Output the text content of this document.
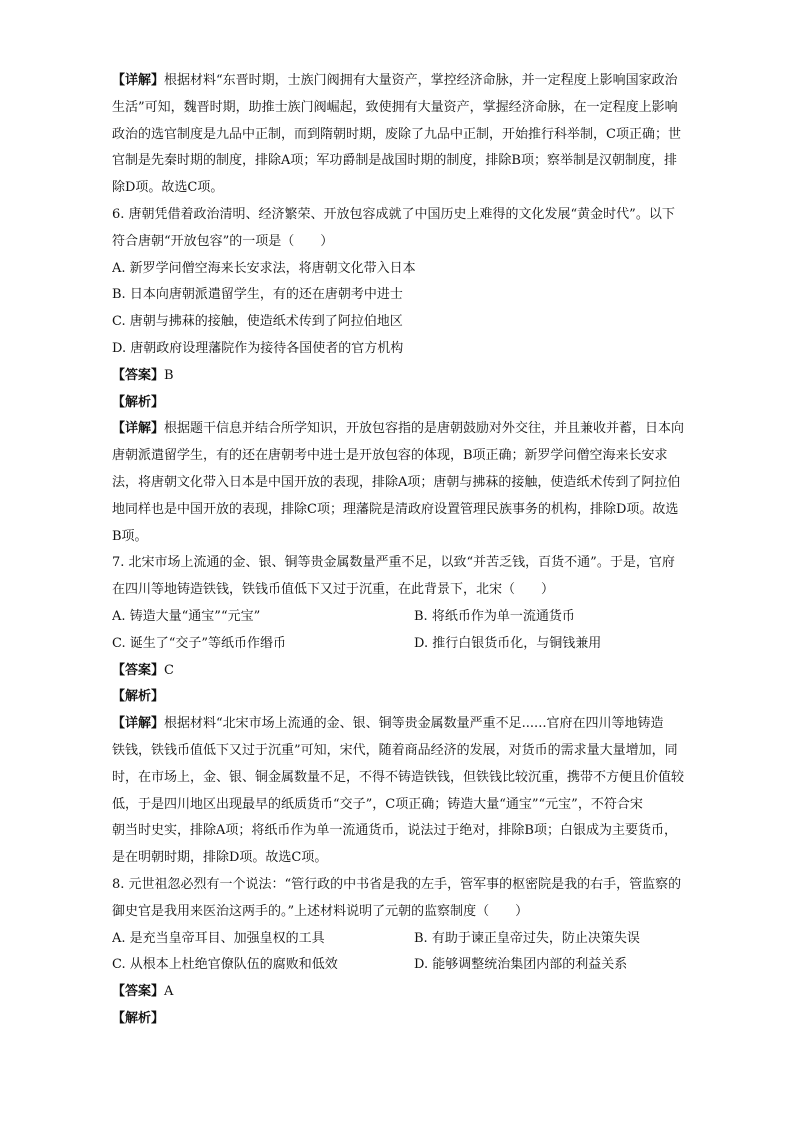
【详解】根据材料“东晋时期，士族门阀拥有大量资产，掌控经济命脉，并一定程度上影响国家政治
生活”可知，魏晋时期，助推士族门阀崛起，致使拥有大量资产，掌握经济命脉，在一定程度上影响
政治的选官制度是九品中正制，而到隋朝时期，废除了九品中正制，开始推行科举制，C项正确；世
官制是先秦时期的制度，排除A项；军功爵制是战国时期的制度，排除B项；察举制是汉朝制度，排
除D项。故选C项。
6. 唐朝凭借着政治清明、经济繁荣、开放包容成就了中国历史上难得的文化发展“黄金时代”。以下
符合唐朝“开放包容”的一项是（　　）
A. 新罗学问僧空海来长安求法，将唐朝文化带入日本
B. 日本向唐朝派遣留学生，有的还在唐朝考中进士
C. 唐朝与拂菻的接触，使造纸术传到了阿拉伯地区
D. 唐朝政府设理藩院作为接待各国使者的官方机构
【答案】B
【解析】
【详解】根据题干信息并结合所学知识，开放包容指的是唐朝鼓励对外交往，并且兼收并蓄，日本向
唐朝派遣留学生，有的还在唐朝考中进士是开放包容的体现，B项正确；新罗学问僧空海来长安求
法，将唐朝文化带入日本是中国开放的表现，排除A项；唐朝与拂菻的接触，使造纸术传到了阿拉伯
地同样也是中国开放的表现，排除C项；理藩院是清政府设置管理民族事务的机构，排除D项。故选
B项。
7. 北宋市场上流通的金、银、铜等贵金属数量严重不足，以致“并苦乏钱，百货不通”。于是，官府
在四川等地铸造铁钱，铁钱币值低下又过于沉重，在此背景下，北宋（　　）
A. 铸造大量“通宝”“元宝”	B. 将纸币作为单一流通货币
C. 诞生了“交子”等纸币作缗币	D. 推行白银货币化，与铜钱兼用
【答案】C
【解析】
【详解】根据材料“北宋市场上流通的金、银、铜等贵金属数量严重不足......官府在四川等地铸造
铁钱，铁钱币值低下又过于沉重”可知，宋代，随着商品经济的发展，对货币的需求量大量增加，同
时，在市场上，金、银、铜金属数量不足，不得不铸造铁钱，但铁钱比较沉重，携带不方便且价值较
低，于是四川地区出现最早的纸质货币“交子”，C项正确；铸造大量“通宝”“元宝”，不符合宋
朝当时史实，排除A项；将纸币作为单一流通货币，说法过于绝对，排除B项；白银成为主要货币，
是在明朝时期，排除D项。故选C项。
8. 元世祖忽必烈有一个说法：“管行政的中书省是我的左手，管军事的枢密院是我的右手，管监察的
御史官是我用来医治这两手的。”上述材料说明了元朝的监察制度（　　）
A. 是充当皇帝耳目、加强皇权的工具	B. 有助于谏正皇帝过失，防止决策失误
C. 从根本上杜绝官僚队伍的腐败和低效	D. 能够调整统治集团内部的利益关系
【答案】A
【解析】
